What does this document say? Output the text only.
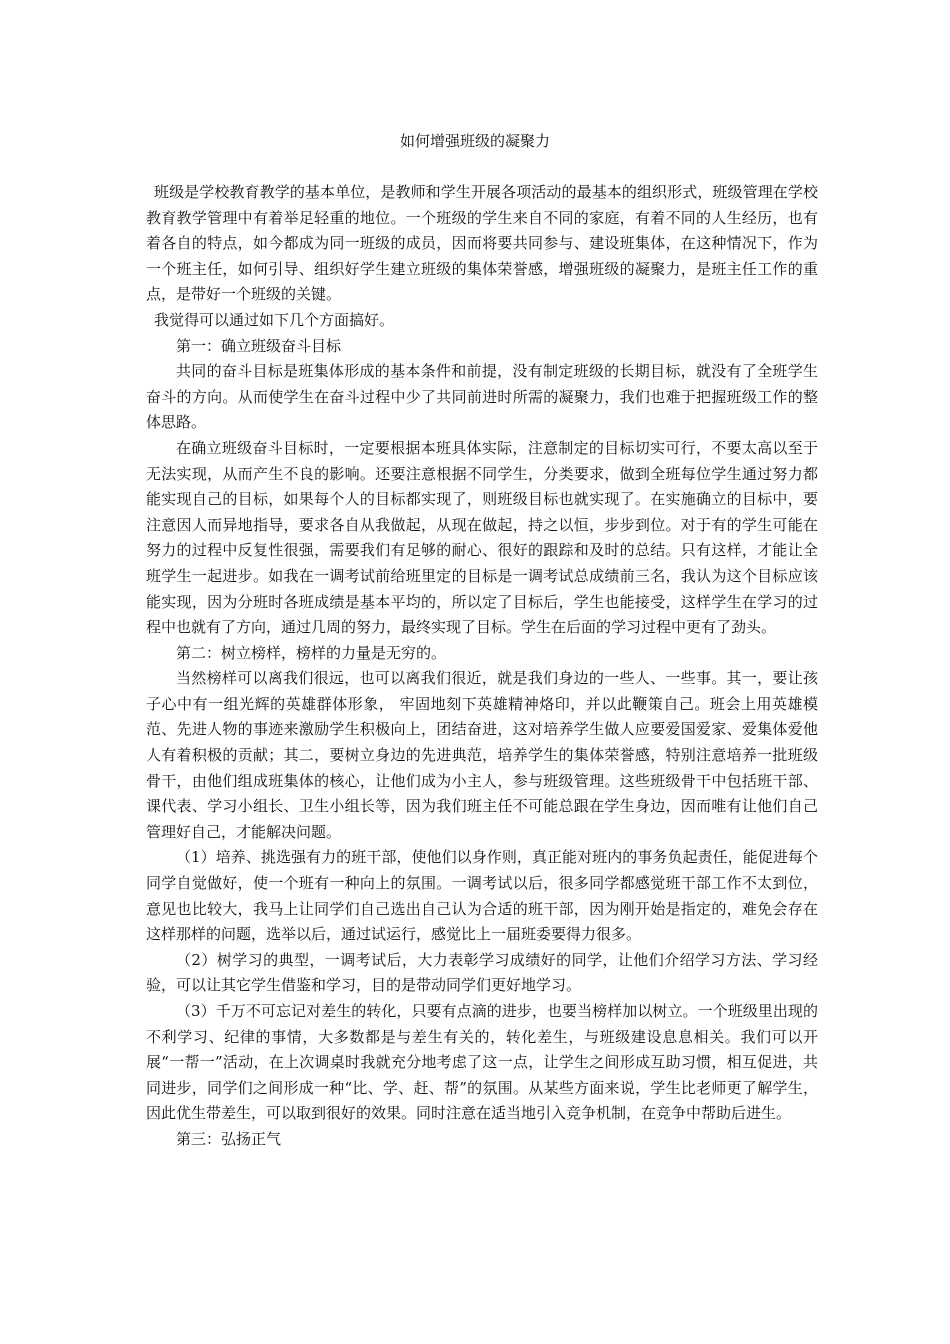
如何增强班级的凝聚力

班级是学校教育教学的基本单位，是教师和学生开展各项活动的最基本的组织形式，班级管理在学校教育教学管理中有着举足轻重的地位。一个班级的学生来自不同的家庭，有着不同的人生经历，也有着各自的特点，如今都成为同一班级的成员，因而将要共同参与、建设班集体，在这种情况下，作为一个班主任，如何引导、组织好学生建立班级的集体荣誉感，增强班级的凝聚力，是班主任工作的重点，是带好一个班级的关键。

我觉得可以通过如下几个方面搞好。

第一：确立班级奋斗目标

共同的奋斗目标是班集体形成的基本条件和前提，没有制定班级的长期目标，就没有了全班学生奋斗的方向。从而使学生在奋斗过程中少了共同前进时所需的凝聚力，我们也难于把握班级工作的整体思路。

在确立班级奋斗目标时，一定要根据本班具体实际，注意制定的目标切实可行，不要太高以至于无法实现，从而产生不良的影响。还要注意根据不同学生，分类要求，做到全班每位学生通过努力都能实现自己的目标，如果每个人的目标都实现了，则班级目标也就实现了。在实施确立的目标中，要注意因人而异地指导，要求各自从我做起，从现在做起，持之以恒，步步到位。对于有的学生可能在努力的过程中反复性很强，需要我们有足够的耐心、很好的跟踪和及时的总结。只有这样，才能让全班学生一起进步。如我在一调考试前给班里定的目标是一调考试总成绩前三名，我认为这个目标应该能实现，因为分班时各班成绩是基本平均的，所以定了目标后，学生也能接受，这样学生在学习的过程中也就有了方向，通过几周的努力，最终实现了目标。学生在后面的学习过程中更有了劲头。

第二：树立榜样，榜样的力量是无穷的。

当然榜样可以离我们很远，也可以离我们很近，就是我们身边的一些人、一些事。其一，要让孩子心中有一组光辉的英雄群体形象， 牢固地刻下英雄精神烙印，并以此鞭策自己。班会上用英雄模范、先进人物的事迹来激励学生积极向上，团结奋进，这对培养学生做人应要爱国爱家、爱集体爱他人有着积极的贡献；其二，要树立身边的先进典范，培养学生的集体荣誉感，特别注意培养一批班级骨干，由他们组成班集体的核心，让他们成为小主人，参与班级管理。这些班级骨干中包括班干部、课代表、学习小组长、卫生小组长等，因为我们班主任不可能总跟在学生身边，因而唯有让他们自己管理好自己，才能解决问题。

（1）培养、挑选强有力的班干部，使他们以身作则，真正能对班内的事务负起责任，能促进每个同学自觉做好，使一个班有一种向上的氛围。一调考试以后，很多同学都感觉班干部工作不太到位，意见也比较大，我马上让同学们自己选出自己认为合适的班干部，因为刚开始是指定的，难免会存在这样那样的问题，选举以后，通过试运行，感觉比上一届班委要得力很多。

（2）树学习的典型，一调考试后，大力表彰学习成绩好的同学，让他们介绍学习方法、学习经验，可以让其它学生借鉴和学习，目的是带动同学们更好地学习。

（3）千万不可忘记对差生的转化，只要有点滴的进步，也要当榜样加以树立。一个班级里出现的不利学习、纪律的事情，大多数都是与差生有关的，转化差生，与班级建设息息相关。我们可以开展“一帮一”活动，在上次调桌时我就充分地考虑了这一点，让学生之间形成互助习惯，相互促进，共同进步，同学们之间形成一种“比、学、赶、帮”的氛围。从某些方面来说，学生比老师更了解学生，因此优生带差生，可以取到很好的效果。同时注意在适当地引入竞争机制，在竞争中帮助后进生。

第三：弘扬正气
